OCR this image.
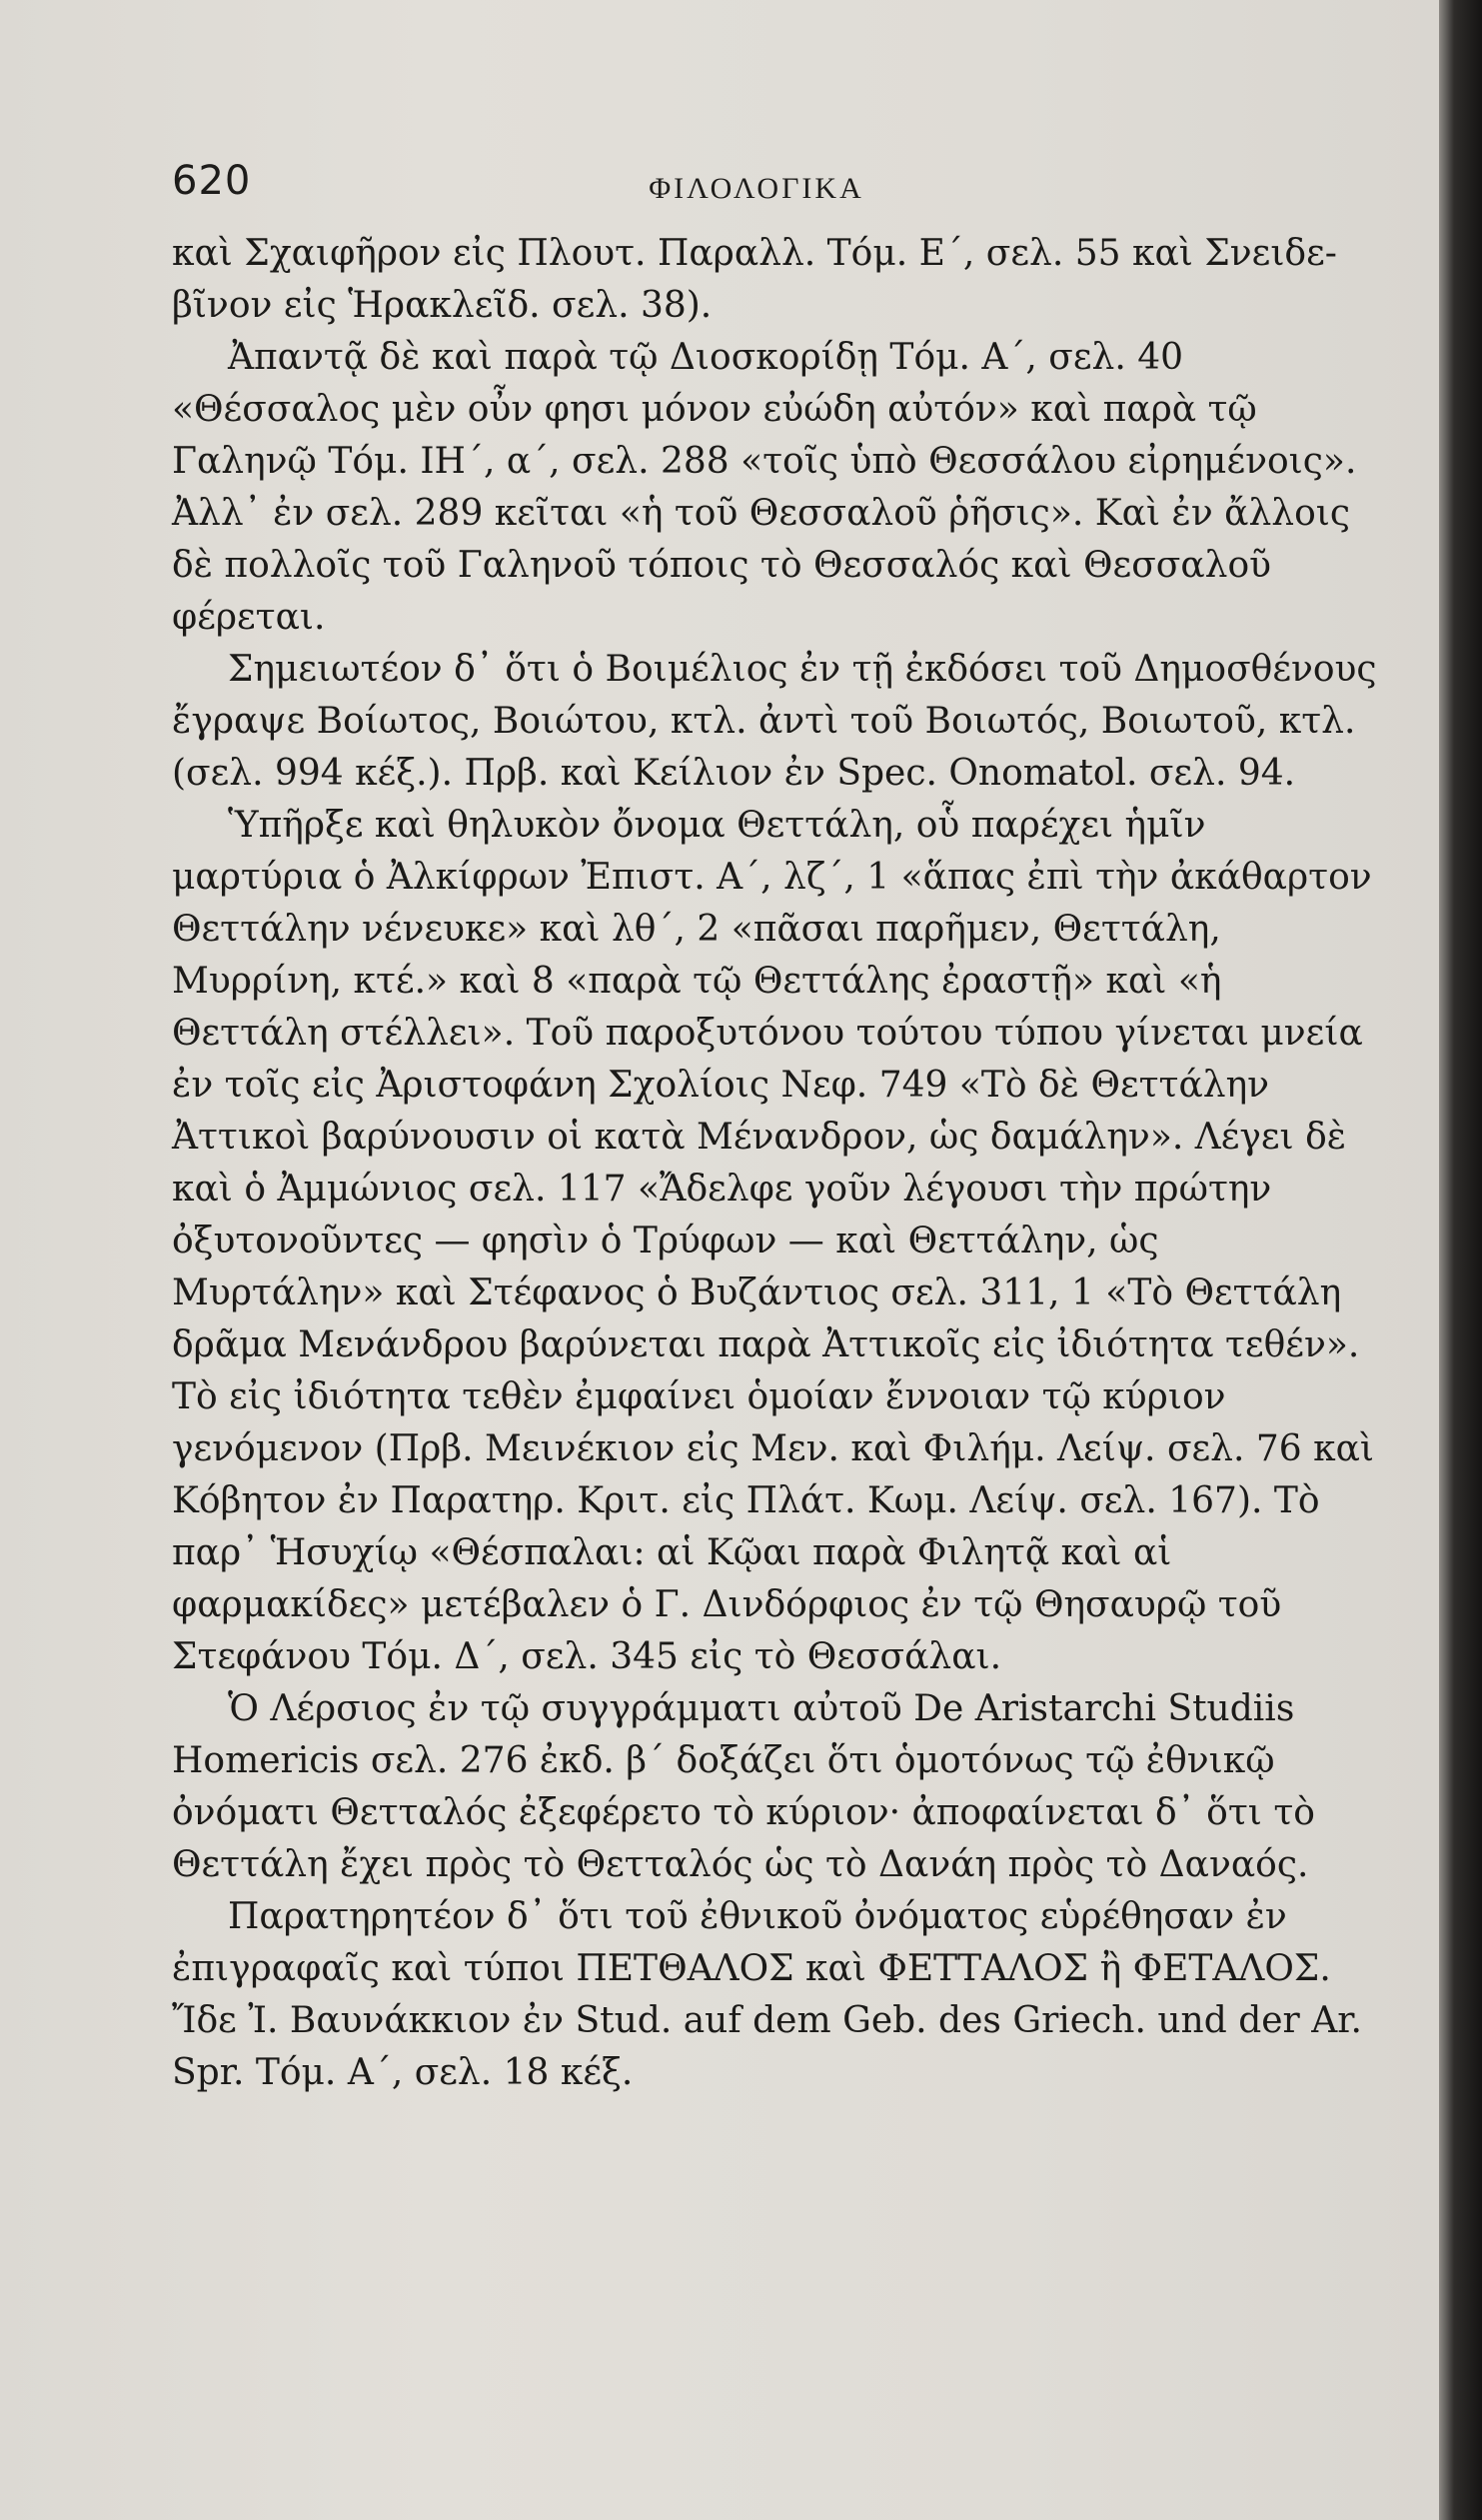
620	ΦΙΛΟΛΟΓΙΚΑ

καὶ Σχαιφῆρον εἰς Πλουτ. Παραλλ. Τόμ. Ε΄, σελ. 55 καὶ Σνειδε-βῖνον εἰς Ἡρακλεῖδ. σελ. 38).

Ἀπαντᾷ δὲ καὶ παρὰ τῷ Διοσκορίδῃ Τόμ. Α΄, σελ. 40 «Θέσσαλος μὲν οὖν φησι μόνον εὐώδη αὐτόν» καὶ παρὰ τῷ Γαληνῷ Τόμ. ΙΗ΄, α΄, σελ. 288 «τοῖς ὑπὸ Θεσσάλου εἰρημένοις». Ἀλλ᾽ ἐν σελ. 289 κεῖται «ἡ τοῦ Θεσσαλοῦ ῥῆσις». Καὶ ἐν ἄλλοις δὲ πολλοῖς τοῦ Γαληνοῦ τόποις τὸ Θεσσαλός καὶ Θεσσαλοῦ φέρεται.

Σημειωτέον δ᾽ ὅτι ὁ Βοιμέλιος ἐν τῇ ἐκδόσει τοῦ Δημοσθένους ἔγραψε Βοίωτος, Βοιώτου, κτλ. ἀντὶ τοῦ Βοιωτός, Βοιωτοῦ, κτλ. (σελ. 994 κέξ.). Πρβ. καὶ Κείλιον ἐν Spec. Onomatol. σελ. 94.

Ὑπῆρξε καὶ θηλυκὸν ὄνομα Θεττάλη, οὗ παρέχει ἡμῖν μαρτύρια ὁ Ἀλκίφρων Ἐπιστ. Α΄, λζ΄, 1 «ἅπας ἐπὶ τὴν ἀκάθαρτον Θεττάλην νένευκε» καὶ λθ΄, 2 «πᾶσαι παρῆμεν, Θεττάλη, Μυρρίνη, κτέ.» καὶ 8 «παρὰ τῷ Θεττάλης ἐραστῇ» καὶ «ἡ Θεττάλη στέλλει». Τοῦ παροξυτόνου τούτου τύπου γίνεται μνεία ἐν τοῖς εἰς Ἀριστοφάνη Σχολίοις Νεφ. 749 «Τὸ δὲ Θεττάλην Ἀττικοὶ βαρύνουσιν οἱ κατὰ Μένανδρον, ὡς δαμάλην». Λέγει δὲ καὶ ὁ Ἀμμώνιος σελ. 117 «Ἄδελφε γοῦν λέγουσι τὴν πρώτην ὀξυτονοῦντες — φησὶν ὁ Τρύφων — καὶ Θεττάλην, ὡς Μυρτάλην» καὶ Στέφανος ὁ Βυζάντιος σελ. 311, 1 «Τὸ Θεττάλη δρᾶμα Μενάνδρου βαρύνεται παρὰ Ἀττικοῖς εἰς ἰδιότητα τεθέν». Τὸ εἰς ἰδιότητα τεθὲν ἐμφαίνει ὁμοίαν ἔννοιαν τῷ κύριον γενόμενον (Πρβ. Μεινέκιον εἰς Μεν. καὶ Φιλήμ. Λείψ. σελ. 76 καὶ Κόβητον ἐν Παρατηρ. Κριτ. εἰς Πλάτ. Κωμ. Λείψ. σελ. 167). Τὸ παρ᾽ Ἡσυχίῳ «Θέσπαλαι: αἱ Κῷαι παρὰ Φιλητᾷ καὶ αἱ φαρμακίδες» μετέβαλεν ὁ Γ. Δινδόρφιος ἐν τῷ Θησαυρῷ τοῦ Στεφάνου Τόμ. Δ΄, σελ. 345 εἰς τὸ Θεσσάλαι.

Ὁ Λέρσιος ἐν τῷ συγγράμματι αὐτοῦ De Aristarchi Studiis Homericis σελ. 276 ἐκδ. β΄ δοξάζει ὅτι ὁμοτόνως τῷ ἐθνικῷ ὀνόματι Θετταλός ἐξεφέρετο τὸ κύριον· ἀποφαίνεται δ᾽ ὅτι τὸ Θεττάλη ἔχει πρὸς τὸ Θετταλός ὡς τὸ Δανάη πρὸς τὸ Δαναός.

Παρατηρητέον δ᾽ ὅτι τοῦ ἐθνικοῦ ὀνόματος εὑρέθησαν ἐν ἐπιγραφαῖς καὶ τύποι ΠΕΤΘΑΛΟΣ καὶ ΦΕΤΤΑΛΟΣ ἢ ΦΕΤΑΛΟΣ. Ἴδε Ἰ. Βαυνάκκιον ἐν Stud. auf dem Geb. des Griech. und der Ar. Spr. Τόμ. Α΄, σελ. 18 κέξ.
